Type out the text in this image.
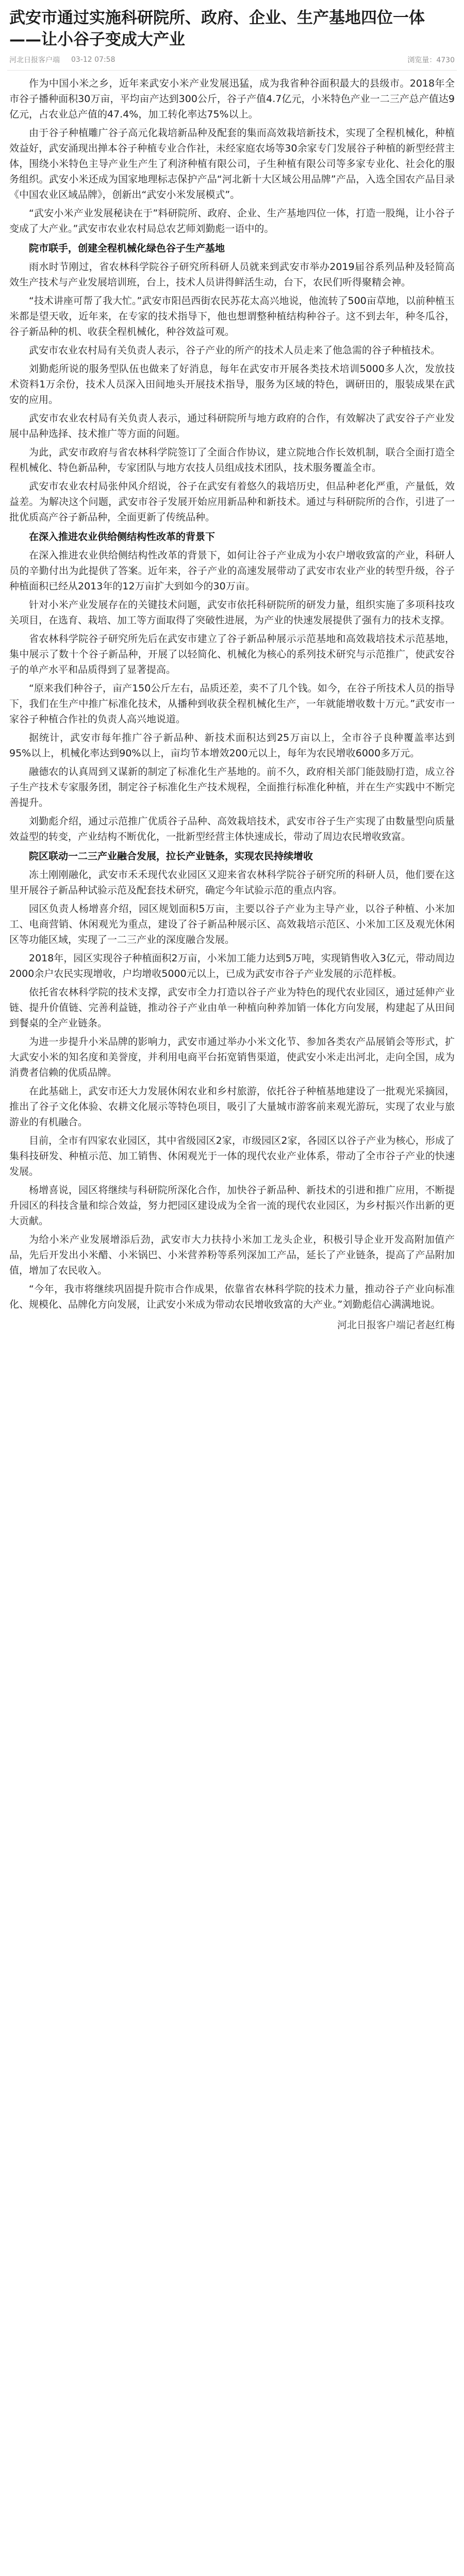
武安市通过实施科研院所、政府、企业、生产基地四位一体——让小谷子变成大产业
河北日报客户端 03-12 07:58	浏览量：4730

作为中国小米之乡，近年来武安小米产业发展迅猛，成为我省种谷面积最大的县级市。2018年全市谷子播种面积30万亩，平均亩产达到300公斤，谷子产值4.7亿元，小米特色产业一二三产总产值达9亿元，占农业总产值的47.4%，加工转化率达75%以上。

由于谷子种植雕广谷子高元化栽培新品种及配套的集而高效栽培新技术，实现了全程机械化，种植效益好，武安涌现出掸本谷子种植专业合作社，未经家庭农场等30余家专门发展谷子种植的新型经营主体，围绕小米特色主导产业生产生了利济种植有限公司，子生种植有限公司等多家专业化、社会化的服务组织。武安小米还成为国家地理标志保护产品“河北新十大区域公用品牌”产品，入选全国农产品目录《中国农业区域品牌》，创新出“武安小米发展模式”。

“武安小米产业发展秘诀在于”料研院所、政府、企业、生产基地四位一体，打造一股绳，让小谷子变成了大产业。”武安市农业农村局总农艺师刘勤彪一语中的。

院市联手，创建全程机械化绿色谷子生产基地

雨水时节刚过，省农林科学院谷子研究所科研人员就来到武安市举办2019届谷系列品种及轻简高效生产技术与产业发展培训班，台上，技术人员讲得鲜活生动，台下，农民们听得聚精会神。

“技术讲座可帮了我大忙。”武安市阳邑西街农民苏花太高兴地说，他流转了500亩草地，以前种植玉米都是望天收，近年来，在专家的技术指导下，他也想谓整种植结构种谷子。这不到去年，种冬瓜谷，谷子新品种的机、收获全程机械化，种谷效益可观。

武安市农业农村局有关负责人表示，谷子产业的所产的技术人员走来了他急需的谷子种植技术。

刘勤彪所说的服务型队伍也做来了好消息，每年在武安市开展各类技术培训5000多人次，发放技术资料1万余份，技术人员深入田间地头开展技术指导，服务为区域的特色，调研田的，服装成果在武安的应用。

武安市农业农村局有关负责人表示，通过科研院所与地方政府的合作，有效解决了武安谷子产业发展中品种选择、技术推广等方面的问题。

为此，武安市政府与省农林科学院签订了全面合作协议，建立院地合作长效机制，联合全面打造全程机械化、特色新品种，专家团队与地方农技人员组成技术团队，技术服务覆盖全市。

武安市农业农村局张仲风介绍说，谷子在武安有着悠久的栽培历史，但品种老化严重，产量低，效益差。为解决这个问题，武安市谷子发展开始应用新品种和新技术。通过与科研院所的合作，引进了一批优质高产谷子新品种，全面更新了传统品种。

在深入推进农业供给侧结构性改革的背景下

在深入推进农业供给侧结构性改革的背景下，如何让谷子产业成为小农户增收致富的产业，科研人员的辛勤付出为此提供了答案。近年来，谷子产业的高速发展带动了武安市农业产业的转型升级，谷子种植面积已经从2013年的12万亩扩大到如今的30万亩。

针对小米产业发展存在的关键技术问题，武安市依托科研院所的研发力量，组织实施了多项科技攻关项目，在选育、栽培、加工等方面取得了突破性进展，为产业的快速发展提供了强有力的技术支撑。

省农林科学院谷子研究所先后在武安市建立了谷子新品种展示示范基地和高效栽培技术示范基地，集中展示了数十个谷子新品种，开展了以轻简化、机械化为核心的系列技术研究与示范推广，使武安谷子的单产水平和品质得到了显著提高。

“原来我们种谷子，亩产150公斤左右，品质还差，卖不了几个钱。如今，在谷子所技术人员的指导下，我们在生产中推广标准化技术，从播种到收获全程机械化生产，一年就能增收数十万元。”武安市一家谷子种植合作社的负责人高兴地说道。

据统计，武安市每年推广谷子新品种、新技术面积达到25万亩以上，全市谷子良种覆盖率达到95%以上，机械化率达到90%以上，亩均节本增效200元以上，每年为农民增收6000多万元。

融德农的认真周到又谋新的制定了标准化生产基地的。前不久，政府相关部门能鼓励打造，成立谷子生产技术专家服务团，制定谷子标准化生产技术规程，全面推行标准化种植，并在生产实践中不断完善提升。

刘勤彪介绍，通过示范推广优质谷子品种、高效栽培技术，武安市谷子生产实现了由数量型向质量效益型的转变，产业结构不断优化，一批新型经营主体快速成长，带动了周边农民增收致富。

院区联动一二三产业融合发展，拉长产业链条，实现农民持续增收

冻土刚刚融化，武安市禾禾现代农业园区又迎来省农林科学院谷子研究所的科研人员，他们要在这里开展谷子新品种试验示范及配套技术研究，确定今年试验示范的重点内容。

园区负责人杨增喜介绍，园区规划面积5万亩，主要以谷子产业为主导产业，以谷子种植、小米加工、电商营销、休闲观光为重点，建设了谷子新品种展示区、高效栽培示范区、小米加工区及观光休闲区等功能区域，实现了一二三产业的深度融合发展。

2018年，园区实现谷子种植面积2万亩，小米加工能力达到5万吨，实现销售收入3亿元，带动周边2000余户农民实现增收，户均增收5000元以上，已成为武安市谷子产业发展的示范样板。

依托省农林科学院的技术支撑，武安市全力打造以谷子产业为特色的现代农业园区，通过延伸产业链、提升价值链、完善利益链，推动谷子产业由单一种植向种养加销一体化方向发展，构建起了从田间到餐桌的全产业链条。

为进一步提升小米品牌的影响力，武安市通过举办小米文化节、参加各类农产品展销会等形式，扩大武安小米的知名度和美誉度，并利用电商平台拓宽销售渠道，使武安小米走出河北，走向全国，成为消费者信赖的优质品牌。

在此基础上，武安市还大力发展休闲农业和乡村旅游，依托谷子种植基地建设了一批观光采摘园，推出了谷子文化体验、农耕文化展示等特色项目，吸引了大量城市游客前来观光游玩，实现了农业与旅游业的有机融合。

目前，全市有四家农业园区，其中省级园区2家，市级园区2家，各园区以谷子产业为核心，形成了集科技研发、种植示范、加工销售、休闲观光于一体的现代农业产业体系，带动了全市谷子产业的快速发展。

杨增喜说，园区将继续与科研院所深化合作，加快谷子新品种、新技术的引进和推广应用，不断提升园区的科技含量和综合效益，努力把园区建设成为全省一流的现代农业园区，为乡村振兴作出新的更大贡献。

为给小米产业发展增添后劲，武安市大力扶持小米加工龙头企业，积极引导企业开发高附加值产品，先后开发出小米醋、小米锅巴、小米营养粉等系列深加工产品，延长了产业链条，提高了产品附加值，增加了农民收入。

“今年，我市将继续巩固提升院市合作成果，依靠省农林科学院的技术力量，推动谷子产业向标准化、规模化、品牌化方向发展，让武安小米成为带动农民增收致富的大产业。”刘勤彪信心满满地说。

河北日报客户端记者赵红梅
